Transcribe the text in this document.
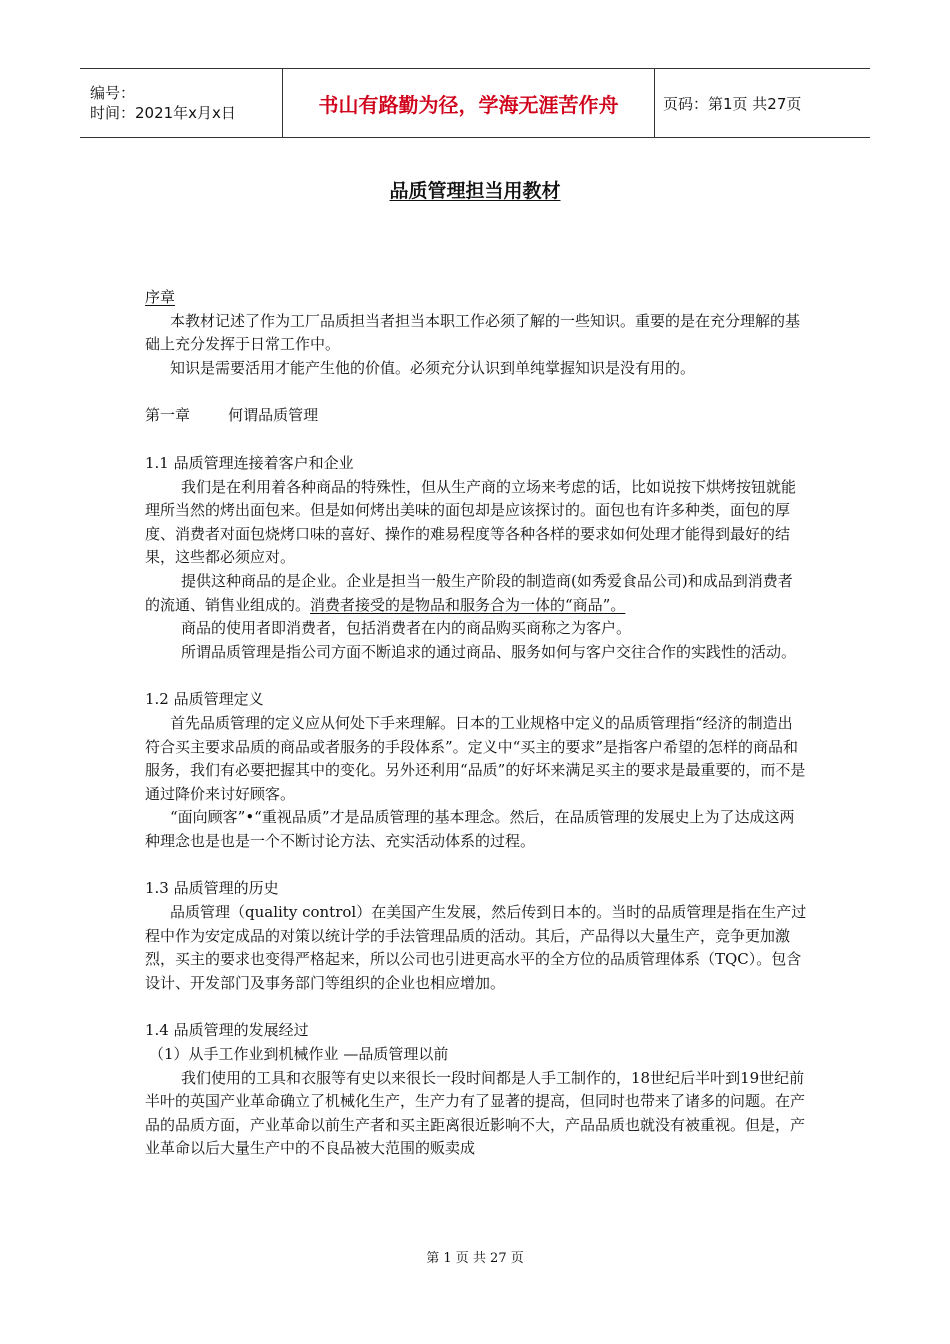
编号：
时间：2021年x月x日	书山有路勤为径，学海无涯苦作舟	页码：第1页 共27页
品质管理担当用教材

序章

本教材记述了作为工厂品质担当者担当本职工作必须了解的一些知识。重要的是在充分理解的基础上充分发挥于日常工作中。

知识是需要活用才能产生他的价值。必须充分认识到单纯掌握知识是没有用的。

第一章        何谓品质管理

1.1 品质管理连接着客户和企业

我们是在利用着各种商品的特殊性，但从生产商的立场来考虑的话，比如说按下烘烤按钮就能理所当然的烤出面包来。但是如何烤出美味的面包却是应该探讨的。面包也有许多种类，面包的厚度、消费者对面包烧烤口味的喜好、操作的难易程度等各种各样的要求如何处理才能得到最好的结果，这些都必须应对。

提供这种商品的是企业。企业是担当一般生产阶段的制造商(如秀爱食品公司)和成品到消费者的流通、销售业组成的。消费者接受的是物品和服务合为一体的“商品”。

商品的使用者即消费者，包括消费者在内的商品购买商称之为客户。

所谓品质管理是指公司方面不断追求的通过商品、服务如何与客户交往合作的实践性的活动。

1.2 品质管理定义

首先品质管理的定义应从何处下手来理解。日本的工业规格中定义的品质管理指“经济的制造出符合买主要求品质的商品或者服务的手段体系”。定义中“买主的要求”是指客户希望的怎样的商品和服务，我们有必要把握其中的变化。另外还利用“品质”的好坏来满足买主的要求是最重要的，而不是通过降价来讨好顾客。

“面向顾客”•“重视品质”才是品质管理的基本理念。然后，在品质管理的发展史上为了达成这两种理念也是也是一个不断讨论方法、充实活动体系的过程。

1.3 品质管理的历史

品质管理（quality control）在美国产生发展，然后传到日本的。当时的品质管理是指在生产过程中作为安定成品的对策以统计学的手法管理品质的活动。其后，产品得以大量生产，竞争更加激烈，买主的要求也变得严格起来，所以公司也引进更高水平的全方位的品质管理体系（TQC）。包含设计、开发部门及事务部门等组织的企业也相应增加。

1.4 品质管理的发展经过

（1）从手工作业到机械作业 —品质管理以前

我们使用的工具和衣服等有史以来很长一段时间都是人手工制作的，18世纪后半叶到19世纪前半叶的英国产业革命确立了机械化生产，生产力有了显著的提高，但同时也带来了诸多的问题。在产品的品质方面，产业革命以前生产者和买主距离很近影响不大，产品品质也就没有被重视。但是，产业革命以后大量生产中的不良品被大范围的贩卖成

第 1 页 共 27 页
